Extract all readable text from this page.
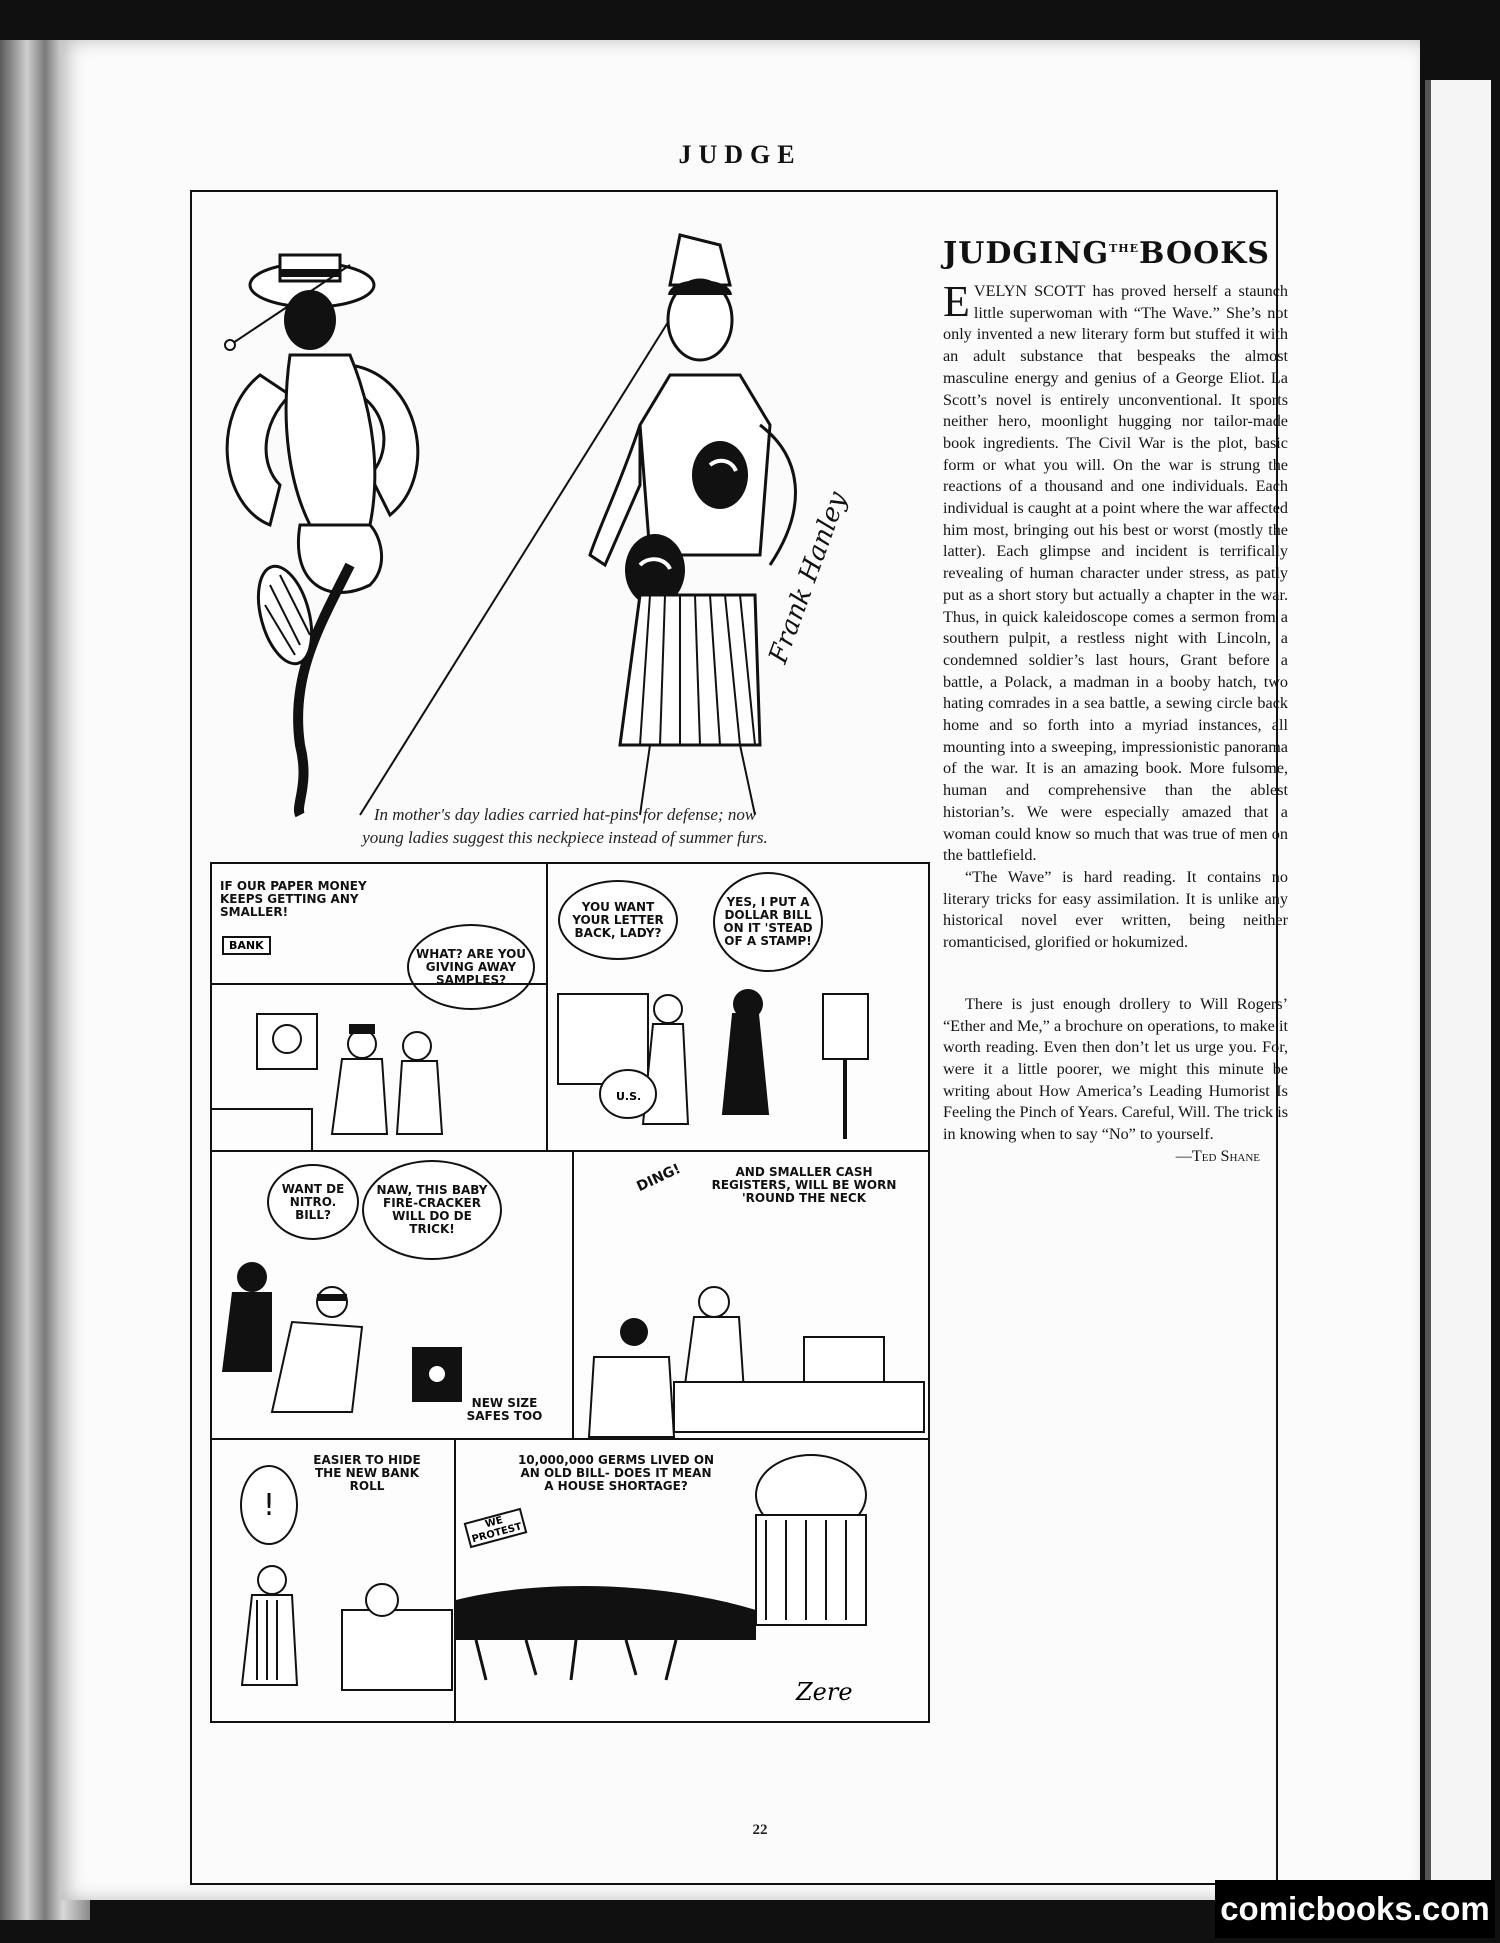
JUDGE
Frank Hanley
In mother's day ladies carried hat-pins for defense; now
young ladies suggest this neckpiece instead of summer furs.
IF OUR PAPER MONEY KEEPS GETTING ANY SMALLER!
BANK
WHAT? ARE YOU GIVING AWAY SAMPLES?
YOU WANT YOUR LETTER BACK, LADY?
YES, I PUT A DOLLAR BILL ON IT 'STEAD OF A STAMP!
U.S.
WANT DE NITRO. BILL?
NAW, THIS BABY FIRE-CRACKER WILL DO DE TRICK!
NEW SIZE SAFES TOO
DING!	AND SMALLER CASH REGISTERS, WILL BE WORN 'ROUND THE NECK
!
EASIER TO HIDE THE NEW BANK ROLL
10,000,000 GERMS LIVED ON AN OLD BILL- DOES IT MEAN A HOUSE SHORTAGE?
WE PROTEST
Zere
$JUDGING^{THE}BOOKS$

EVELYN SCOTT has proved herself a staunch little superwoman with “The Wave.” She’s not only invented a new literary form but stuffed it with an adult substance that bespeaks the almost masculine energy and genius of a George Eliot. La Scott’s novel is entirely unconventional. It sports neither hero, moonlight hugging nor tailor-made book ingredients. The Civil War is the plot, basic form or what you will. On the war is strung the reactions of a thousand and one individuals. Each individual is caught at a point where the war affected him most, bringing out his best or worst (mostly the latter). Each glimpse and incident is terrifically revealing of human character under stress, as patly put as a short story but actually a chapter in the war. Thus, in quick kaleidoscope comes a sermon from a southern pulpit, a restless night with Lincoln, a condemned soldier’s last hours, Grant before a battle, a Polack, a madman in a booby hatch, two hating comrades in a sea battle, a sewing circle back home and so forth into a myriad instances, all mounting into a sweeping, impressionistic panorama of the war. It is an amazing book. More fulsome, human and comprehensive than the ablest historian’s. We were especially amazed that a woman could know so much that was true of men on the battlefield.

“The Wave” is hard reading. It contains no literary tricks for easy assimilation. It is unlike any historical novel ever written, being neither romanticised, glorified or hokumized.

There is just enough drollery to Will Rogers’ “Ether and Me,” a brochure on operations, to make it worth reading. Even then don’t let us urge you. For, were it a little poorer, we might this minute be writing about How America’s Leading Humorist Is Feeling the Pinch of Years. Careful, Will. The trick is in knowing when to say “No” to yourself.

—Ted Shane

22
comicbooks.com
